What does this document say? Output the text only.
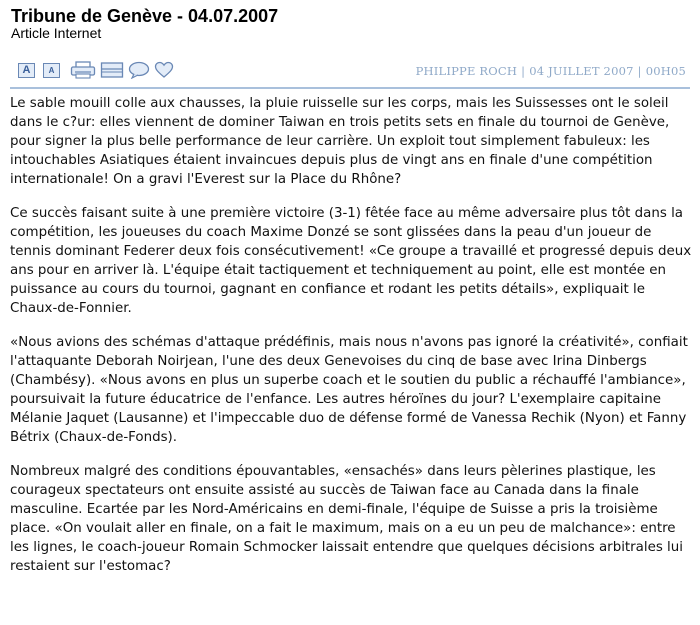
Tribune de Genève - 04.07.2007
Article Internet
A A	PHILIPPE ROCH | 04 JUILLET 2007 | 00H05

Le sable mouill colle aux chausses, la pluie ruisselle sur les corps, mais les Suissesses ont le soleil dans le c?ur: elles viennent de dominer Taiwan en trois petits sets en finale du tournoi de Genève, pour signer la plus belle performance de leur carrière. Un exploit tout simplement fabuleux: les intouchables Asiatiques étaient invaincues depuis plus de vingt ans en finale d'une compétition internationale! On a gravi l'Everest sur la Place du Rhône?

Ce succès faisant suite à une première victoire (3-1) fêtée face au même adversaire plus tôt dans la compétition, les joueuses du coach Maxime Donzé se sont glissées dans la peau d'un joueur de tennis dominant Federer deux fois consécutivement! «Ce groupe a travaillé et progressé depuis deux ans pour en arriver là. L'équipe était tactiquement et techniquement au point, elle est montée en puissance au cours du tournoi, gagnant en confiance et rodant les petits détails», expliquait le Chaux-de-Fonnier.

«Nous avions des schémas d'attaque prédéfinis, mais nous n'avons pas ignoré la créativité», confiait l'attaquante Deborah Noirjean, l'une des deux Genevoises du cinq de base avec Irina Dinbergs (Chambésy). «Nous avons en plus un superbe coach et le soutien du public a réchauffé l'ambiance», poursuivait la future éducatrice de l'enfance. Les autres héroïnes du jour? L'exemplaire capitaine Mélanie Jaquet (Lausanne) et l'impeccable duo de défense formé de Vanessa Rechik (Nyon) et Fanny Bétrix (Chaux-de-Fonds).

Nombreux malgré des conditions épouvantables, «ensachés» dans leurs pèlerines plastique, les courageux spectateurs ont ensuite assisté au succès de Taiwan face au Canada dans la finale masculine. Ecartée par les Nord-Américains en demi-finale, l'équipe de Suisse a pris la troisième place. «On voulait aller en finale, on a fait le maximum, mais on a eu un peu de malchance»: entre les lignes, le coach-joueur Romain Schmocker laissait entendre que quelques décisions arbitrales lui restaient sur l'estomac?
